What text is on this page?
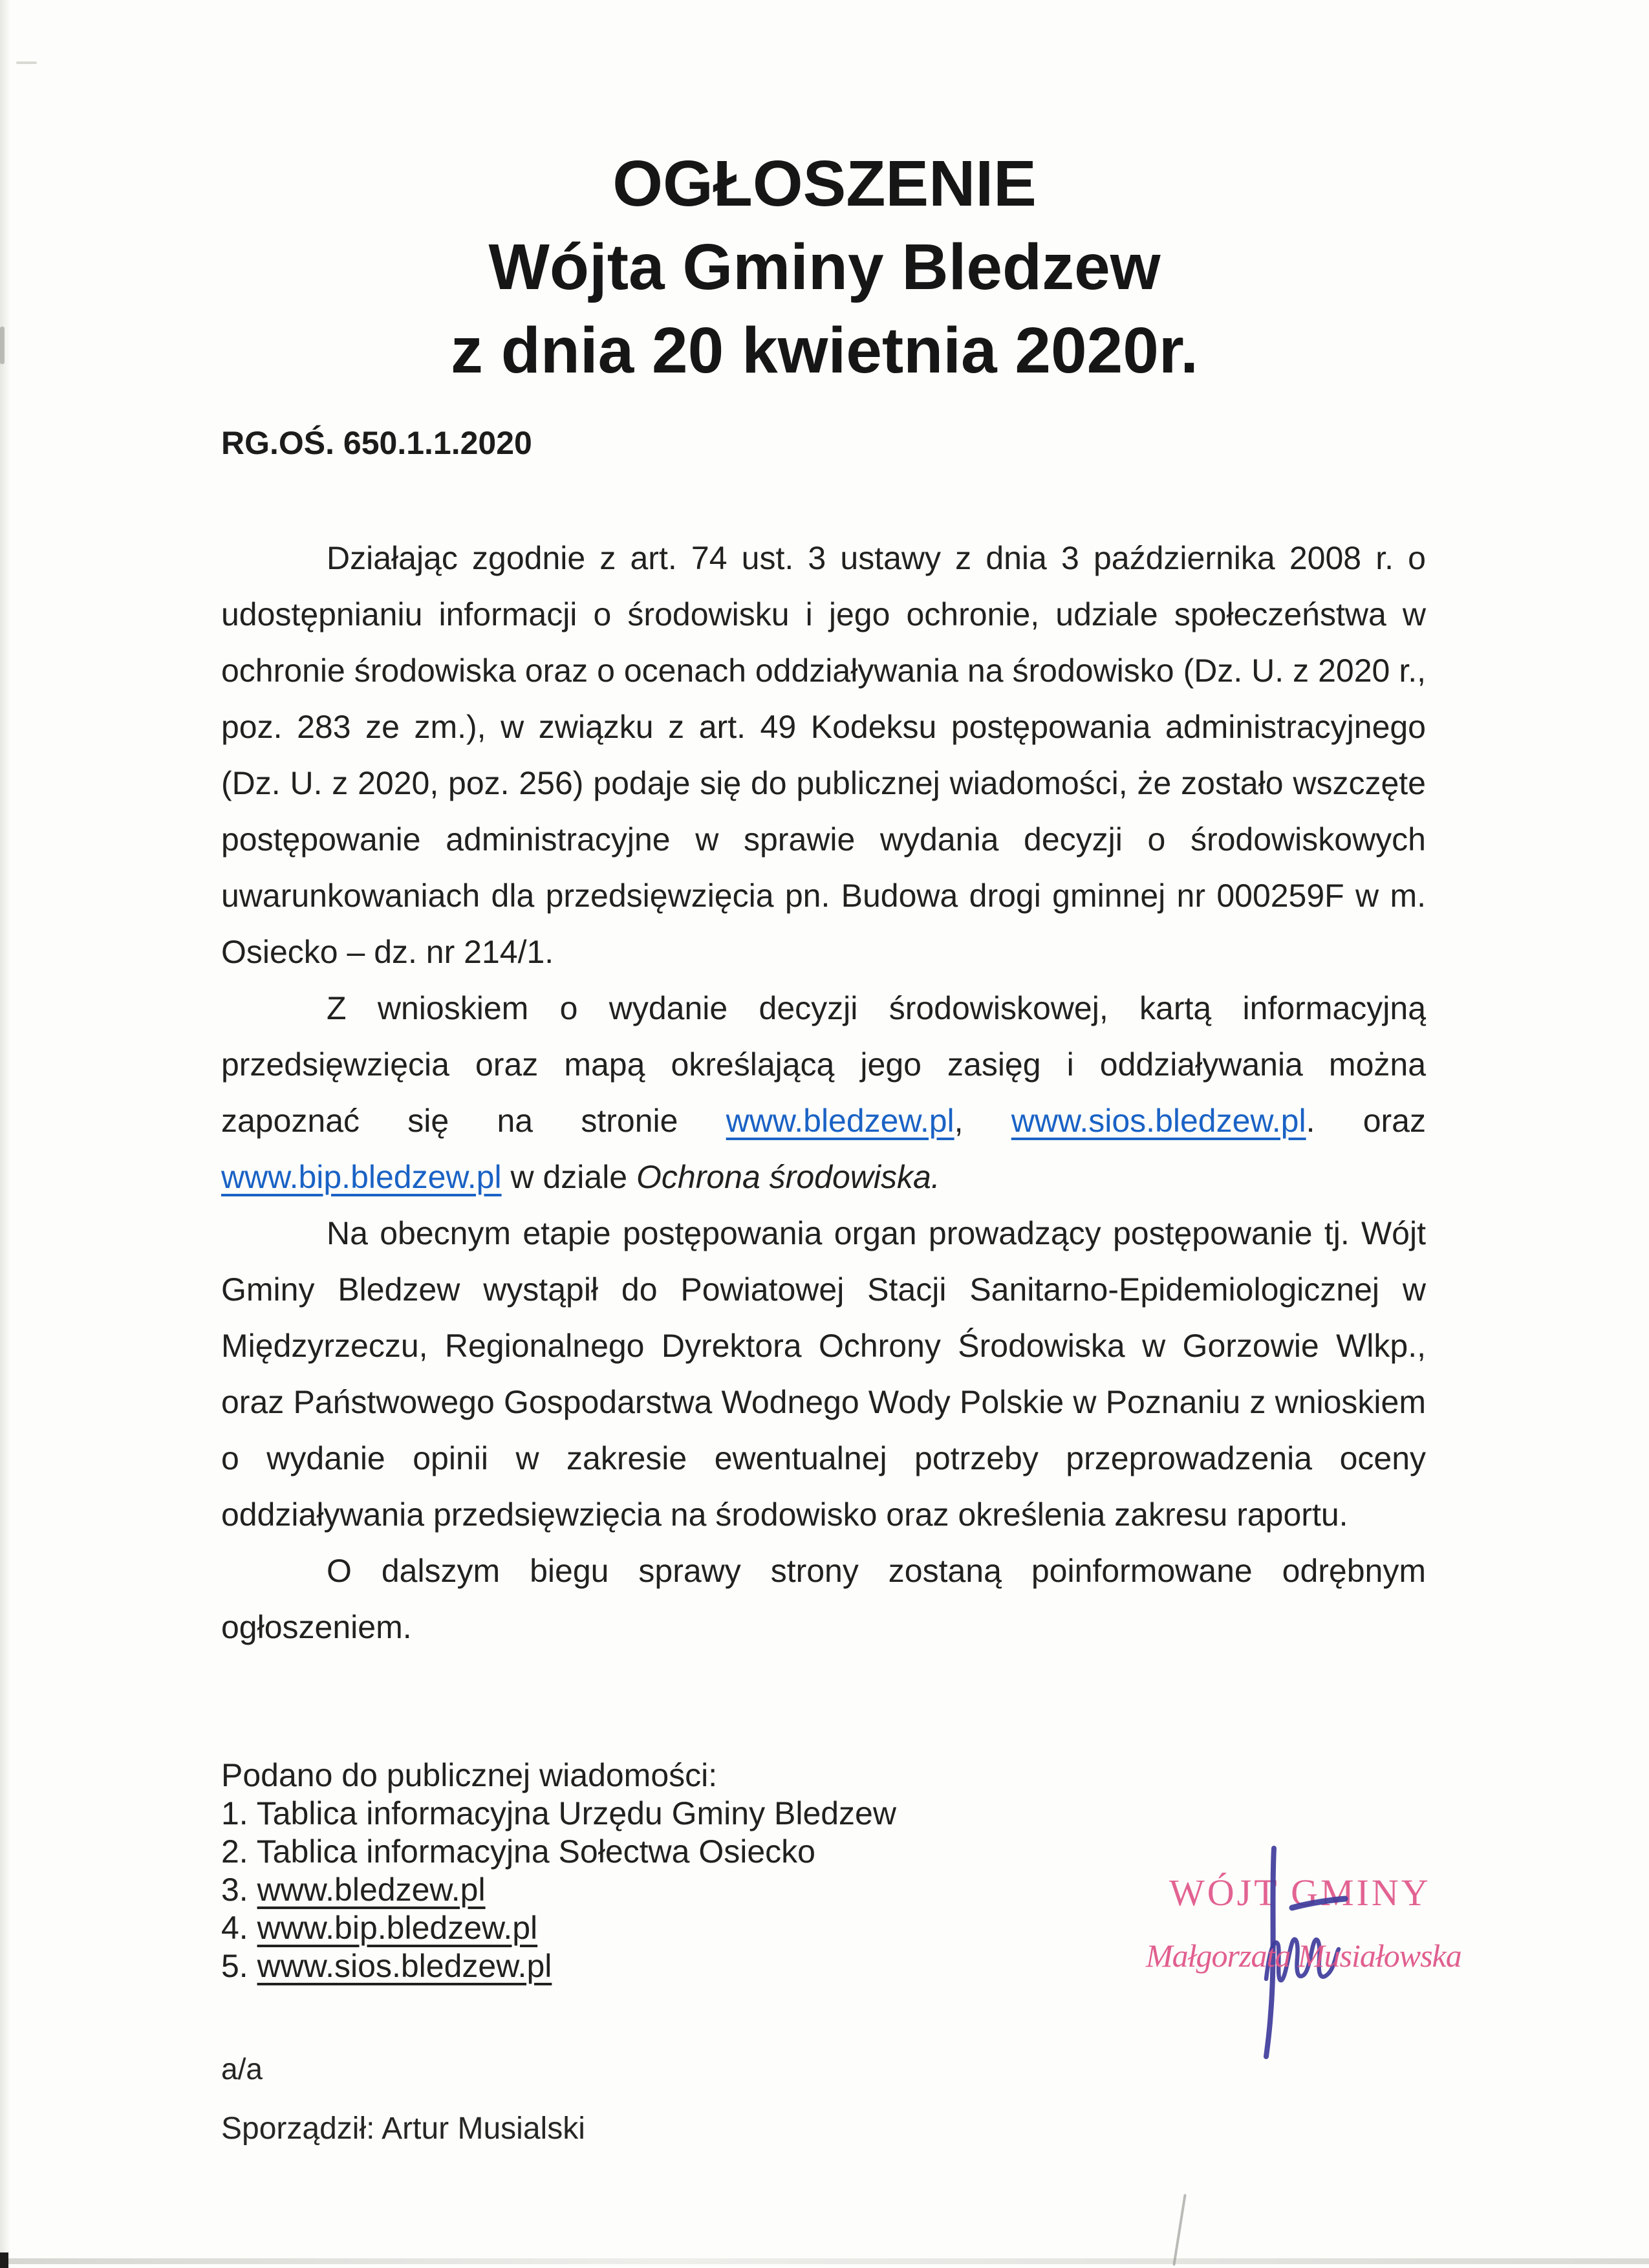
OGŁOSZENIE
Wójta Gminy Bledzew
z dnia 20 kwietnia 2020r.
RG.OŚ. 650.1.1.2020

Działając zgodnie z art. 74 ust. 3 ustawy z dnia 3 października 2008 r. o udostępnianiu informacji o środowisku i jego ochronie, udziale społeczeństwa w ochronie środowiska oraz o ocenach oddziaływania na środowisko (Dz. U. z 2020 r., poz. 283 ze zm.), w związku z art. 49 Kodeksu postępowania administracyjnego (Dz. U. z 2020, poz. 256) podaje się do publicznej wiadomości, że zostało wszczęte postępowanie administracyjne w sprawie wydania decyzji o środowiskowych uwarunkowaniach dla przedsięwzięcia pn. Budowa drogi gminnej nr 000259F w m. Osiecko – dz. nr 214/1.

Z wnioskiem o wydanie decyzji środowiskowej, kartą informacyjną przedsięwzięcia oraz mapą określającą jego zasięg i oddziaływania można zapoznać się na stronie www.bledzew.pl, www.sios.bledzew.pl. oraz www.bip.bledzew.pl w dziale Ochrona środowiska.

Na obecnym etapie postępowania organ prowadzący postępowanie tj. Wójt Gminy Bledzew wystąpił do Powiatowej Stacji Sanitarno-Epidemiologicznej w Międzyrzeczu, Regionalnego Dyrektora Ochrony Środowiska w Gorzowie Wlkp., oraz Państwowego Gospodarstwa Wodnego Wody Polskie w Poznaniu z wnioskiem o wydanie opinii w zakresie ewentualnej potrzeby przeprowadzenia oceny oddziaływania przedsięwzięcia na środowisko oraz określenia zakresu raportu.

O dalszym biegu sprawy strony zostaną poinformowane odrębnym ogłoszeniem.

Podano do publicznej wiadomości:
1. Tablica informacyjna Urzędu Gminy Bledzew
2. Tablica informacyjna Sołectwa Osiecko
3. www.bledzew.pl
4. www.bip.bledzew.pl
5. www.sios.bledzew.pl
WÓJT GMINY
Małgorzata Musiałowska
a/a
Sporządził: Artur Musialski
